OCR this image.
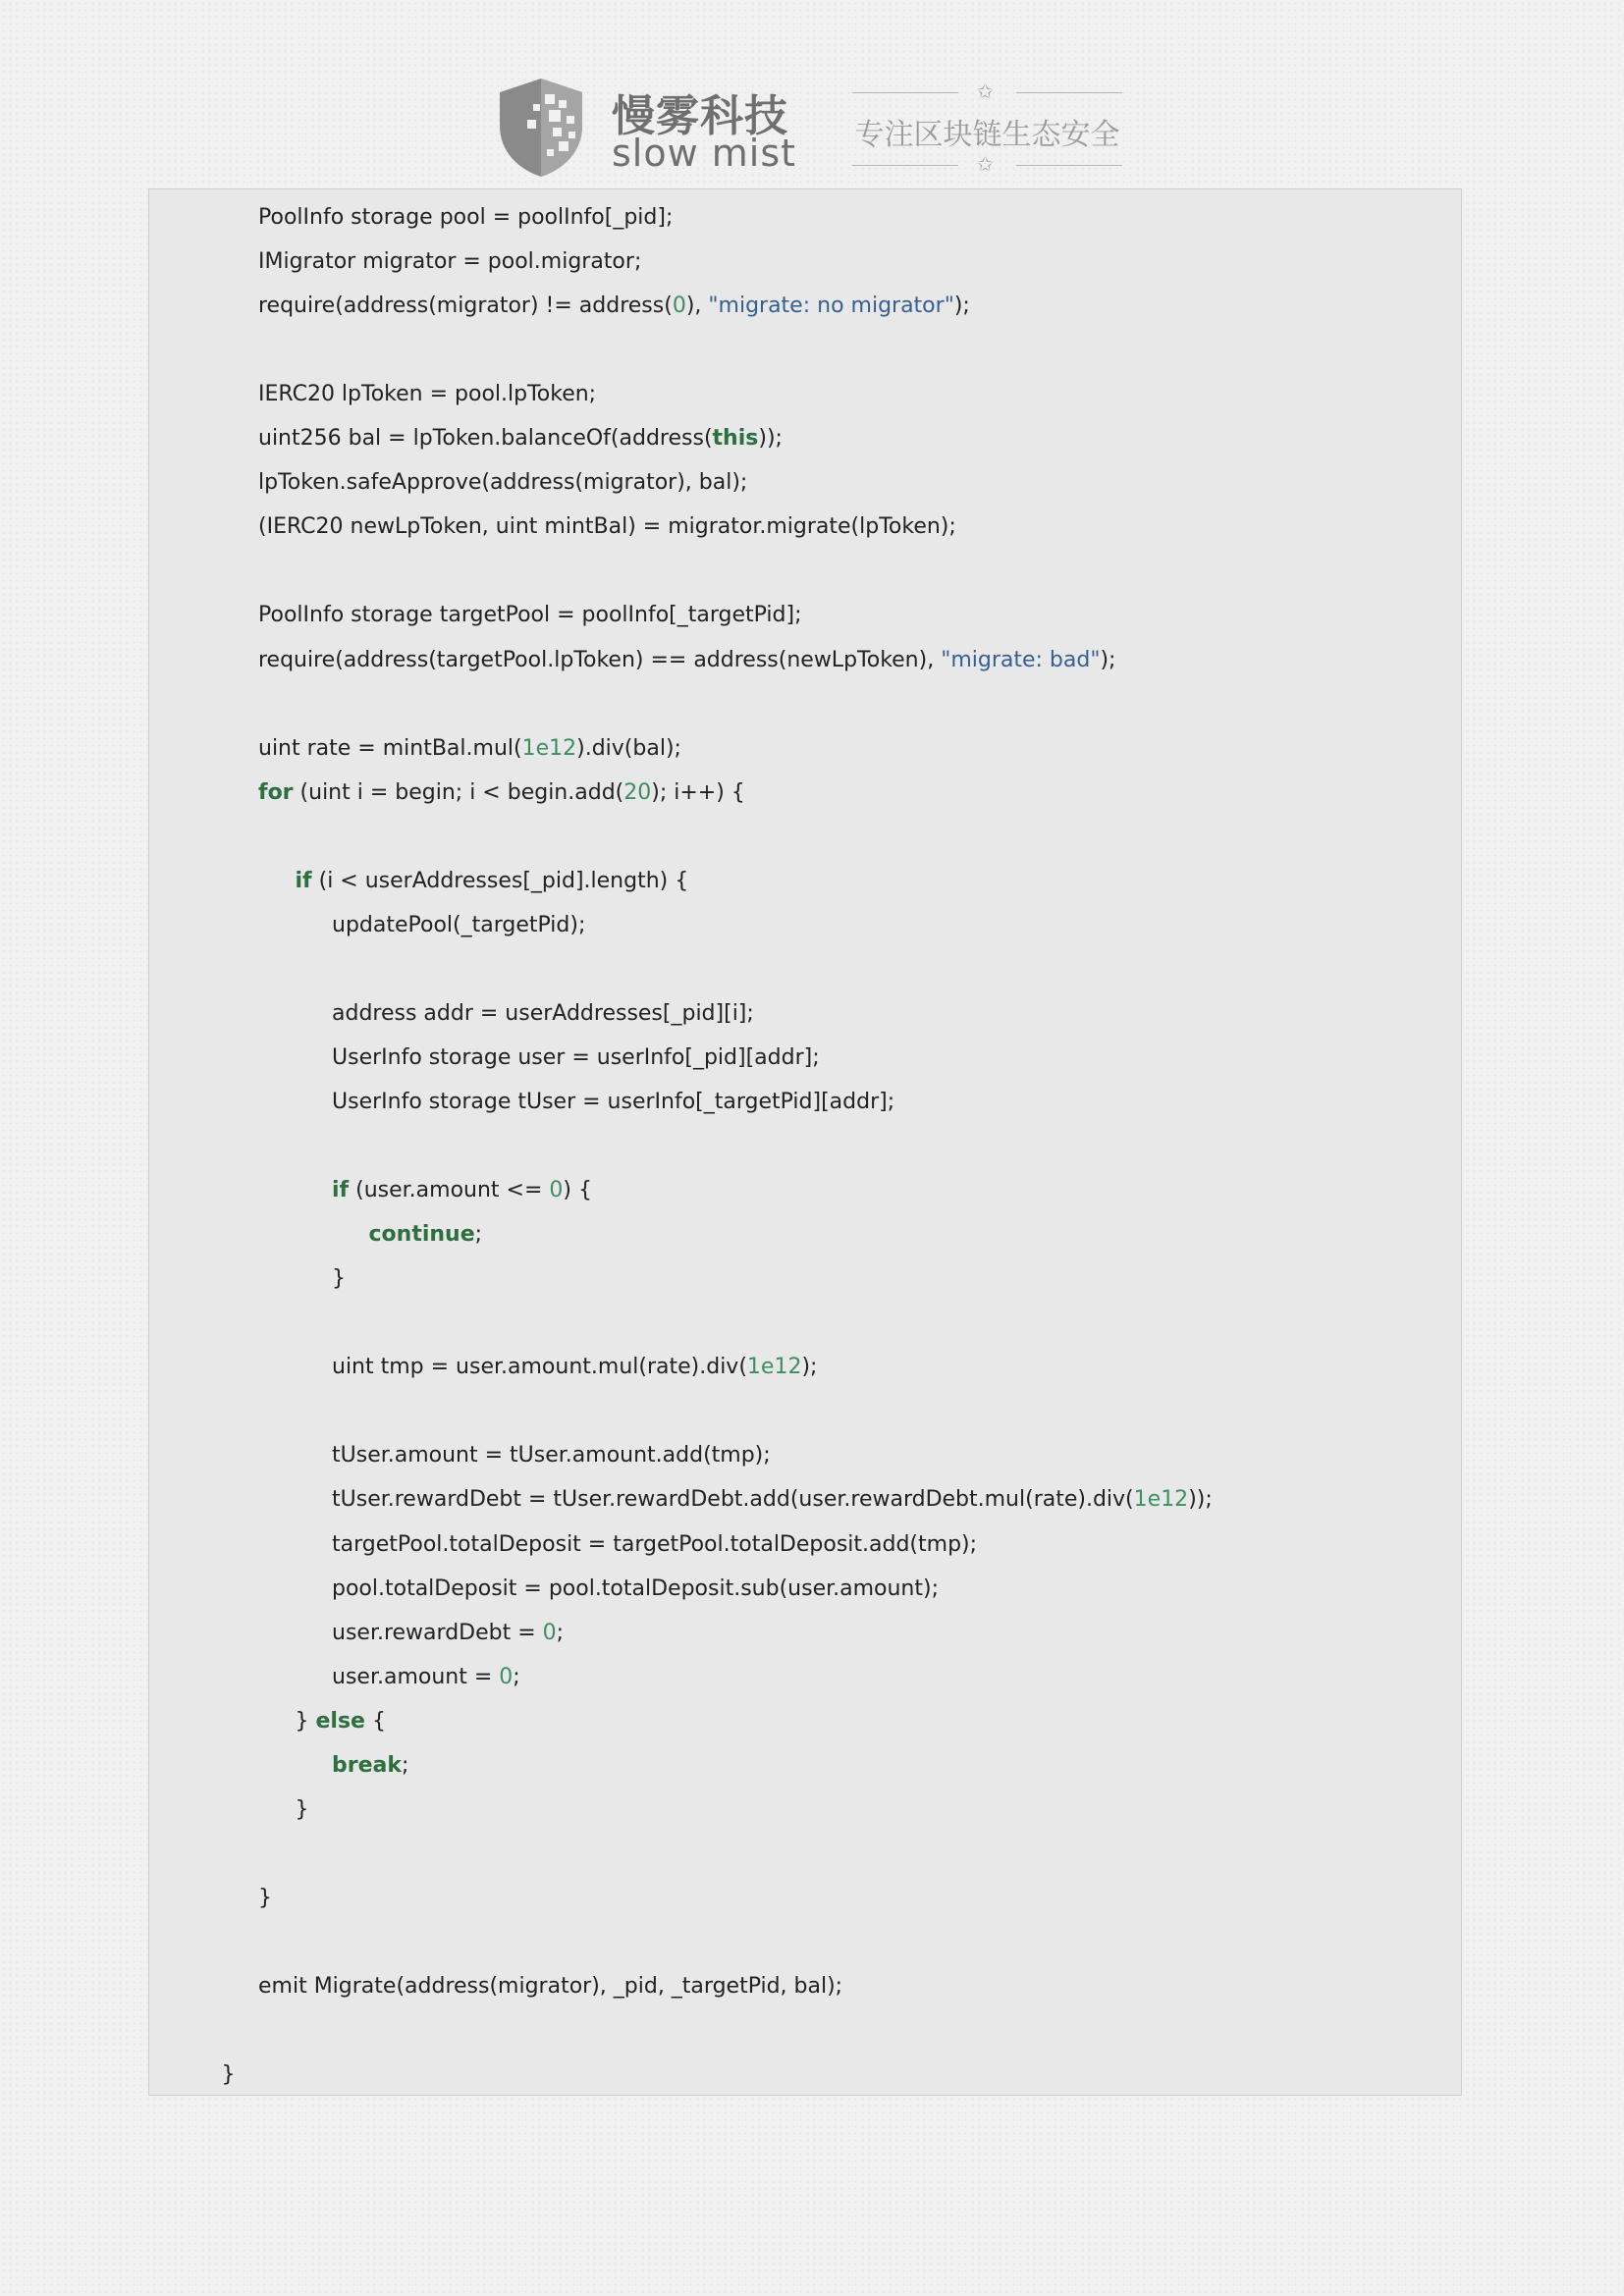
慢雾科技
slow mist
✩
专注区块链生态安全
✩
PoolInfo storage pool = poolInfo[_pid];
IMigrator migrator = pool.migrator;
require(address(migrator) != address(0), "migrate: no migrator");
IERC20 lpToken = pool.lpToken;
uint256 bal = lpToken.balanceOf(address(this));
lpToken.safeApprove(address(migrator), bal);
(IERC20 newLpToken, uint mintBal) = migrator.migrate(lpToken);
PoolInfo storage targetPool = poolInfo[_targetPid];
require(address(targetPool.lpToken) == address(newLpToken), "migrate: bad");
uint rate = mintBal.mul(1e12).div(bal);
for (uint i = begin; i < begin.add(20); i++) {
if (i < userAddresses[_pid].length) {
updatePool(_targetPid);
address addr = userAddresses[_pid][i];
UserInfo storage user = userInfo[_pid][addr];
UserInfo storage tUser = userInfo[_targetPid][addr];
if (user.amount <= 0) {
continue;
}
uint tmp = user.amount.mul(rate).div(1e12);
tUser.amount = tUser.amount.add(tmp);
tUser.rewardDebt = tUser.rewardDebt.add(user.rewardDebt.mul(rate).div(1e12));
targetPool.totalDeposit = targetPool.totalDeposit.add(tmp);
pool.totalDeposit = pool.totalDeposit.sub(user.amount);
user.rewardDebt = 0;
user.amount = 0;
} else {
break;
}
}
emit Migrate(address(migrator), _pid, _targetPid, bal);
}
